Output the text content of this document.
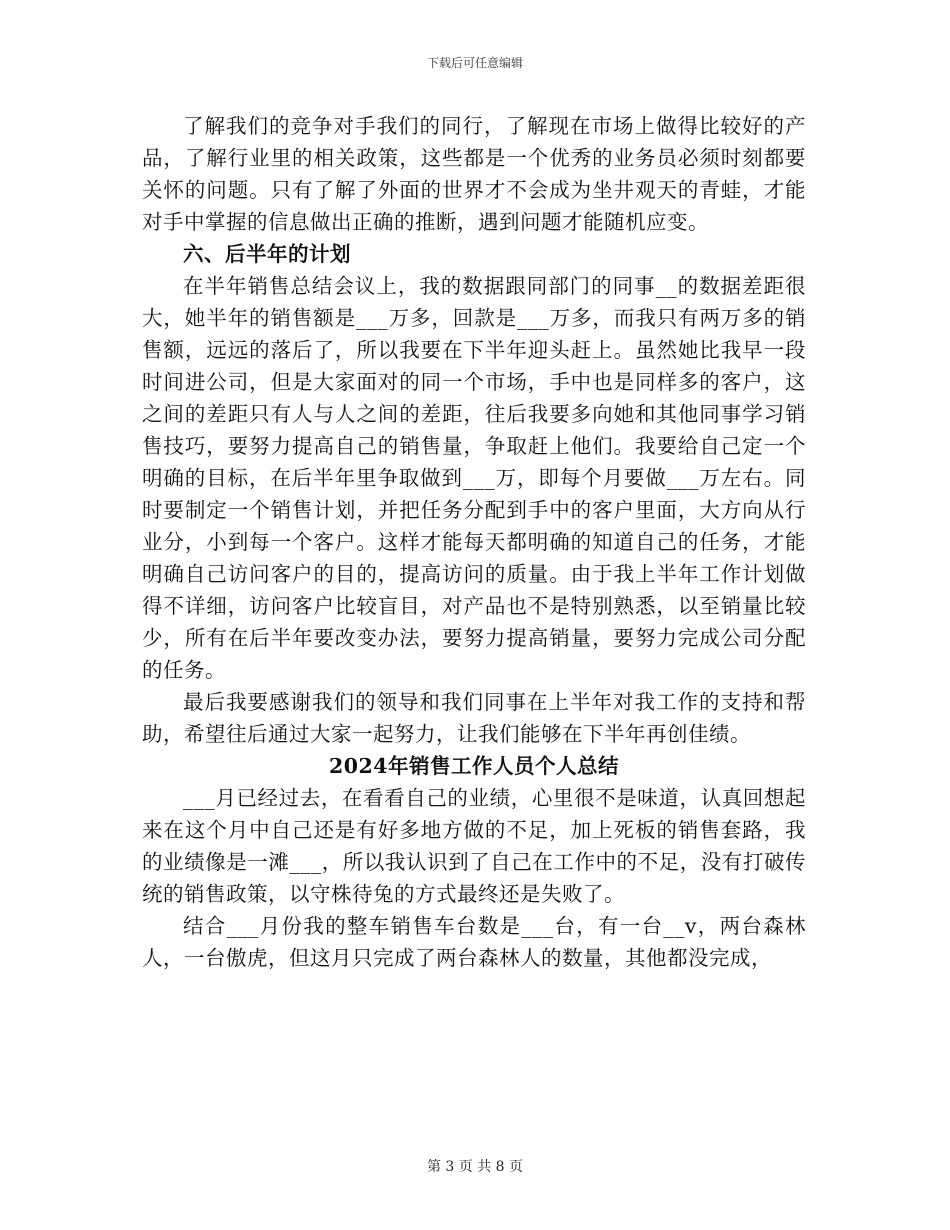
下载后可任意编辑

了解我们的竞争对手我们的同行，了解现在市场上做得比较好的产品，了解行业里的相关政策，这些都是一个优秀的业务员必须时刻都要关怀的问题。只有了解了外面的世界才不会成为坐井观天的青蛙，才能对手中掌握的信息做出正确的推断，遇到问题才能随机应变。

六、后半年的计划

在半年销售总结会议上，我的数据跟同部门的同事__的数据差距很大，她半年的销售额是___万多，回款是___万多，而我只有两万多的销售额，远远的落后了，所以我要在下半年迎头赶上。虽然她比我早一段时间进公司，但是大家面对的同一个市场，手中也是同样多的客户，这之间的差距只有人与人之间的差距，往后我要多向她和其他同事学习销售技巧，要努力提高自己的销售量，争取赶上他们。我要给自己定一个明确的目标，在后半年里争取做到___万，即每个月要做___万左右。同时要制定一个销售计划，并把任务分配到手中的客户里面，大方向从行业分，小到每一个客户。这样才能每天都明确的知道自己的任务，才能明确自己访问客户的目的，提高访问的质量。由于我上半年工作计划做得不详细，访问客户比较盲目，对产品也不是特别熟悉，以至销量比较少，所有在后半年要改变办法，要努力提高销量，要努力完成公司分配的任务。

最后我要感谢我们的领导和我们同事在上半年对我工作的支持和帮助，希望往后通过大家一起努力，让我们能够在下半年再创佳绩。

2024年销售工作人员个人总结

___月已经过去，在看看自己的业绩，心里很不是味道，认真回想起来在这个月中自己还是有好多地方做的不足，加上死板的销售套路，我的业绩像是一滩___，所以我认识到了自己在工作中的不足，没有打破传统的销售政策，以守株待兔的方式最终还是失败了。

结合___月份我的整车销售车台数是___台，有一台__v，两台森林人，一台傲虎，但这月只完成了两台森林人的数量，其他都没完成，

第 3 页 共 8 页
